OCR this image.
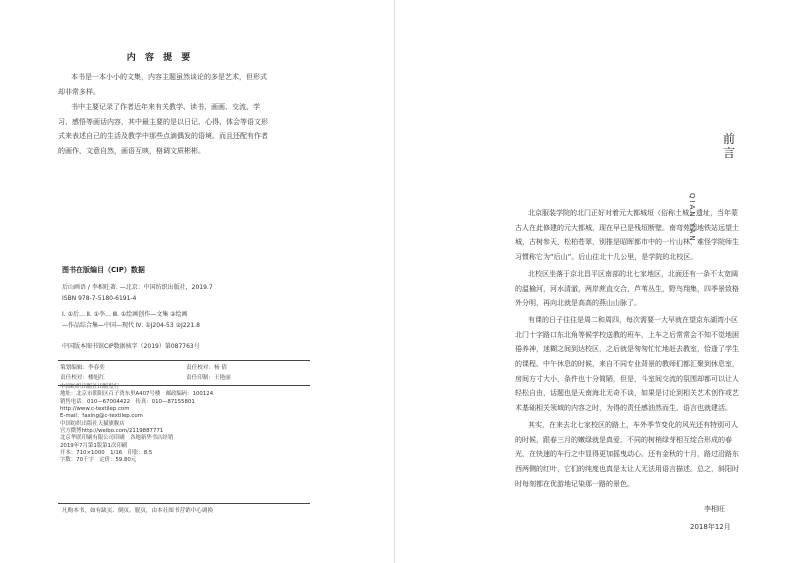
内 容 提 要

本书是一本小小的文集，内容主题虽然谈论的多是艺术，但形式却非常多样。

书中主要记录了作者近年来有关教学、读书、画画、交流、学习、感悟等画话内容，其中最主要的是以日记、心得、体会等语文形式来表述自己的生活及教学中那些点滴偶发的语境。而且还配有作者的画作，文意自然，画语互映，格调文质彬彬。

图书在版编目（CIP）数据
后山画语 / 李相旺著. —北京：中国纺织出版社，2019.7
ISBN 978-7-5180-6191-4
Ⅰ. ①后… Ⅱ. ①李… Ⅲ. ①绘画创作—文集 ②绘画
—作品综合集—中国—现代 Ⅳ. ①J204-53 ②J221.8
中国版本图书馆CIP数据核字（2019）第087763号
策划编辑：李春奕	责任校对：杨 倩
责任校对：楼旭红	责任印制：王艳丽
中国纺织出版社出版发行
地址：北京市朝阳区百子湾东里A407号楼　邮政编码：100124
销售电话：010—67004422　传真：010—87155801
http://www.c-textilep.com
E-mail：faxing@c-textilep.com
中国纺织出版社天猫旗舰店
官方微博http://weibo.com/2119887771
北京华联印刷有限公司印刷　各地新华书店经销
2019年7月第1版第1次印刷
开本：710×1000　1/16　印张：8.5
字数：70千字　定价：59.80元
凡购本书，如有缺页、倒页、脱页，由本社图书营销中心调换
前言
QIAN YAN

北京服装学院的北门正好对着元大都城垣（俗称土城）遗址，当年蒙古人在此修建的元大都城，现在早已是残垣断壁。南弯苑园地铁站远望土城，古树参天，松柏苍翠，别推是昭晖都市中的一片山林，难怪学院师生习惯称它为“后山”。后山往北十几公里，是学院的北校区。

北校区坐落于京北昌平区南部的北七家地区，北面还有一条不太宽阔的温榆河，河水清澈，两岸蔗直交合，芦苇丛生，野鸟翔集，四季景致格外分明，再向北就是高高的燕山山脉了。

有课的日子往往是周二和周四，每次需要一大早就在望京东湖湾小区北门十字路口东北角等候学校送教的班车，上车之后常常会不知不觉地困倦养神，迷糊之间到达校区，之后就是匆匆忙忙地赶去教室，恰逢了学生的课程。中午休息的时候，来自不同专业背景的教师们都汇聚到休息室，房间方寸大小，条件也十分简陋，但是，斗室间交流的氛围却都可以让人轻松自由，话题也是天南海北无奇不谈，如果是讨论到相关艺术创作或艺术基础相关领域的内容之时，为得的责任感油然而生，语言也就建活。

其实，在来去北七家校区的路上，车外季节变化的风光还有特别可人的时候，跟春三月的嫩绿就是真爱，不同的树梢绿芽相互绽合形成的春光，在快速的车行之中显得更加摇曳动心。还有金秋的十月，路过沿路东西两侧的红叶，它们的纯度也真是太让人无法用语言描述。总之，斜阳时时每刻都在优游地记染那一路的景色。

李相旺
2018年12月
